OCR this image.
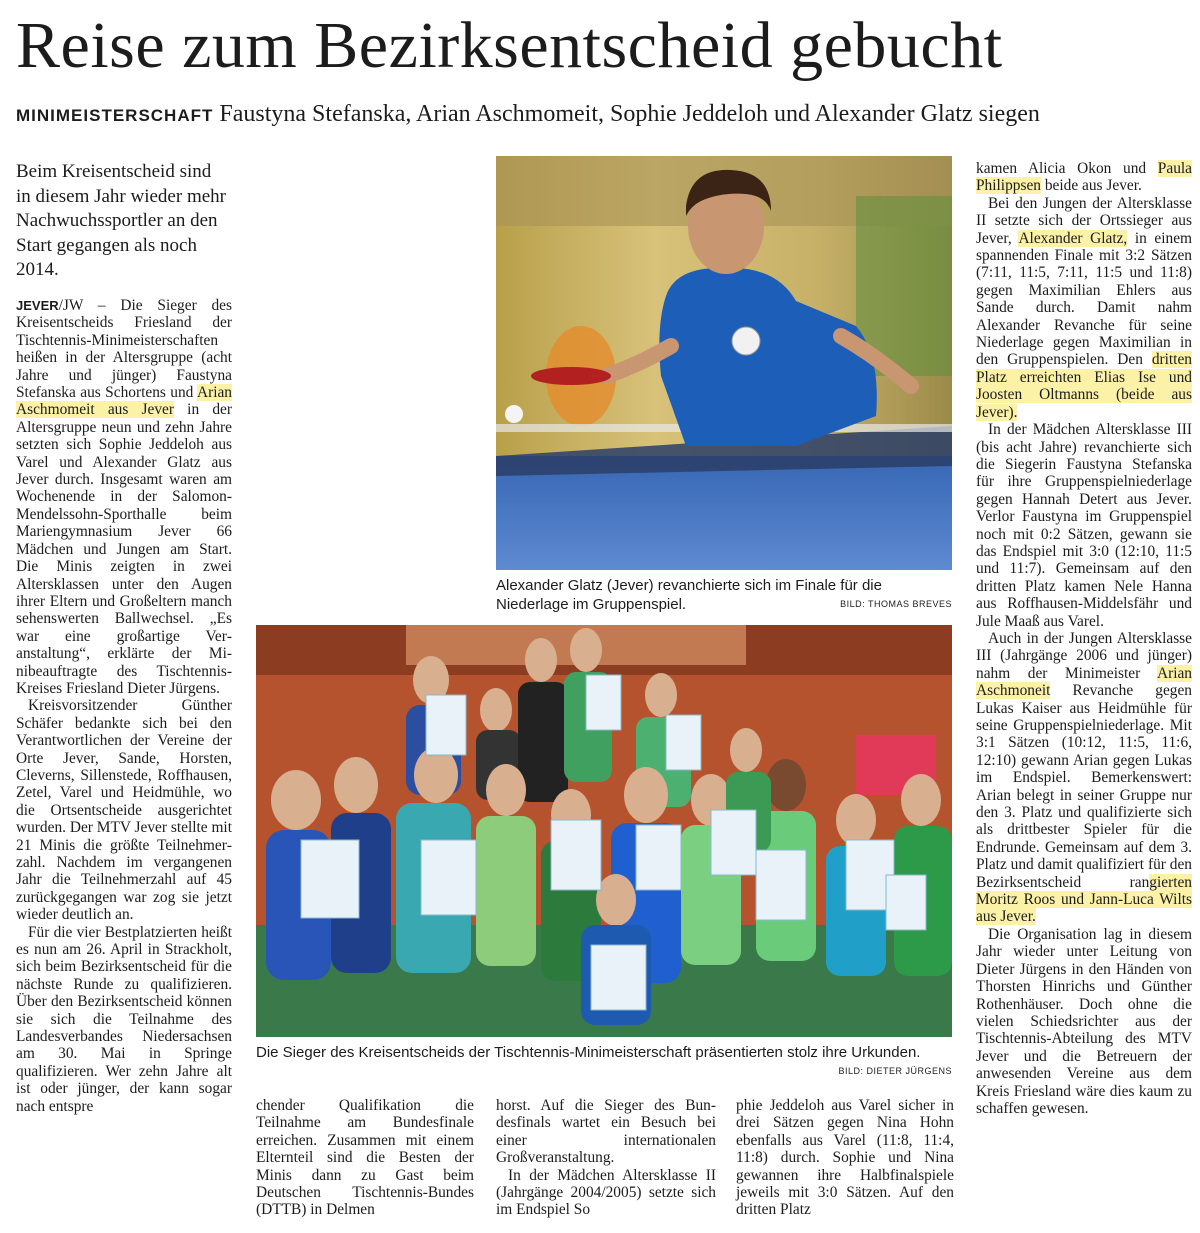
Reise zum Bezirksentscheid gebucht
MINIMEISTERSCHAFT Faustyna Stefanska, Arian Aschmomeit, Sophie Jeddeloh und Alexander Glatz siegen
Beim Kreisentscheid sind in diesem Jahr wieder mehr Nachwuchssportler an den Start gegangen als noch 2014.

JEVER/JW – Die Sieger des Kreisentscheids Friesland der Tischtennis-Minimeisterschaften heißen in der Altersgruppe (acht Jahre und jünger) Faustyna Stefanska aus Schortens und Arian Aschmomeit aus Jever in der Altersgruppe neun und zehn Jahre setzten sich Sophie Jeddeloh aus Varel und Alexander Glatz aus Jever durch. Insgesamt waren am Wochenende in der Salomon-Mendelssohn-Sporthalle beim Mariengymnasium Jever 66 Mädchen und Jungen am Start. Die Minis zeigten in zwei Altersklassen unter den Augen ihrer Eltern und Großeltern manch sehenswerten Ballwechsel. „Es war eine großartige Veranstaltung“, erklärte der Minibeauftragte des Tischtennis-Kreises Friesland Dieter Jürgens.

Kreisvorsitzender Günther Schäfer bedankte sich bei den Verantwortlichen der Vereine der Orte Jever, Sande, Horsten, Cleverns, Sillenstede, Roffhausen, Zetel, Varel und Heidmühle, wo die Ortsentscheide ausgerichtet wurden. Der MTV Jever stellte mit 21 Minis die größte Teilnehmerzahl. Nachdem im vergangenen Jahr die Teilnehmerzahl auf 45 zurückgegangen war zog sie jetzt wieder deutlich an.

Für die vier Bestplatzierten heißt es nun am 26. April in Strackholt, sich beim Bezirksentscheid für die nächste Runde zu qualifizieren. Über den Bezirksentscheid können sie sich die Teilnahme des Landesverbandes Niedersachsen am 30. Mai in Springe qualifizieren. Wer zehn Jahre alt ist oder jünger, der kann sogar nach entspre	chender Qualifikation die Teilnahme am Bundesfinale erreichen. Zusammen mit einem Elternteil sind die Besten der Minis dann zu Gast beim Deutschen Tischtennis-Bundes (DTTB) in Delmen

horst. Auf die Sieger des Bundesfinals wartet ein Besuch bei einer internationalen Großveranstaltung.

In der Mädchen Altersklasse II (Jahrgänge 2004/2005) setzte sich im Endspiel So

phie Jeddeloh aus Varel sicher in drei Sätzen gegen Nina Hohn ebenfalls aus Varel (11:8, 11:4, 11:8) durch. Sophie und Nina gewannen ihre Halbfinalspiele jeweils mit 3:0 Sätzen. Auf den dritten Platz

kamen Alicia Okon und Paula Philippsen beide aus Jever.

Bei den Jungen der Altersklasse II setzte sich der Ortssieger aus Jever, Alexander Glatz, in einem spannenden Finale mit 3:2 Sätzen (7:11, 11:5, 7:11, 11:5 und 11:8) gegen Maximilian Ehlers aus Sande durch. Damit nahm Alexander Revanche für seine Niederlage gegen Maximilian in den Gruppenspielen. Den dritten Platz erreichten Elias Ise und Joosten Oltmanns (beide aus Jever).

In der Mädchen Altersklasse III (bis acht Jahre) revanchierte sich die Siegerin Faustyna Stefanska für ihre Gruppenspielniederlage gegen Hannah Detert aus Jever. Verlor Faustyna im Gruppenspiel noch mit 0:2 Sätzen, gewann sie das Endspiel mit 3:0 (12:10, 11:5 und 11:7). Gemeinsam auf den dritten Platz kamen Nele Hanna aus Roffhausen-Middelsfähr und Jule Maaß aus Varel.

Auch in der Jungen Altersklasse III (Jahrgänge 2006 und jünger) nahm der Minimeister Arian Aschmoneit Revanche gegen Lukas Kaiser aus Heidmühle für seine Gruppenspielniederlage. Mit 3:1 Sätzen (10:12, 11:5, 11:6, 12:10) gewann Arian gegen Lukas im Endspiel. Bemerkenswert: Arian belegt in seiner Gruppe nur den 3. Platz und qualifizierte sich als drittbester Spieler für die Endrunde. Gemeinsam auf dem 3. Platz und damit qualifiziert für den Bezirksentscheid rangierten Moritz Roos und Jann-Luca Wilts aus Jever.

Die Organisation lag in diesem Jahr wieder unter Leitung von Dieter Jürgens in den Händen von Thorsten Hinrichs und Günther Rothenhäuser. Doch ohne die vielen Schiedsrichter aus der Tischtennis-Abteilung des MTV Jever und die Betreuern der anwesenden Vereine aus dem Kreis Friesland wäre dies kaum zu schaffen gewesen.

Alexander Glatz (Jever) revanchierte sich im Finale für die Niederlage im Gruppenspiel.	BILD: THOMAS BREVES
Die Sieger des Kreisentscheids der Tischtennis-Minimeisterschaft präsentierten stolz ihre Urkunden.
BILD: DIETER JÜRGENS
